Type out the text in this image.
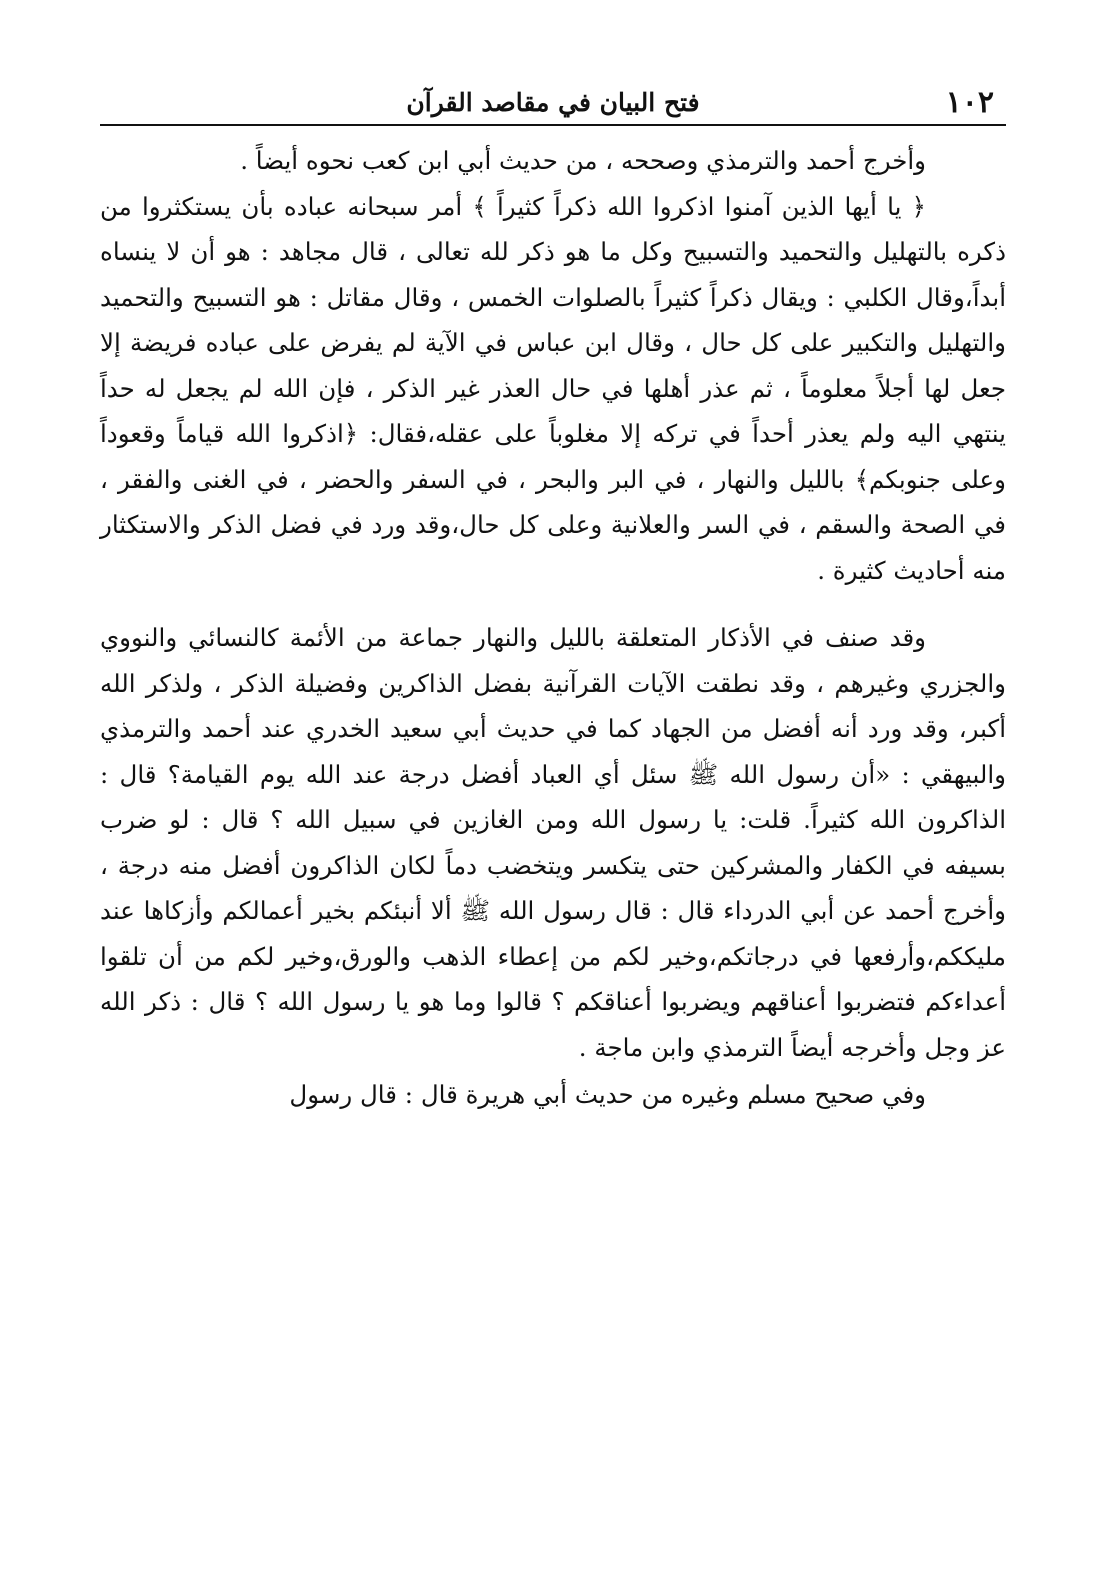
١٠٢
فتح البيان في مقاصد القرآن

وأخرج أحمد والترمذي وصححه ، من حديث أبي ابن كعب نحوه أيضاً .

﴿ يا أيها الذين آمنوا اذكروا الله ذكراً كثيراً ﴾ أمر سبحانه عباده بأن يستكثروا من ذكره بالتهليل والتحميد والتسبيح وكل ما هو ذكر لله تعالى ، قال مجاهد : هو أن لا ينساه أبداً،وقال الكلبي : ويقال ذكراً كثيراً بالصلوات الخمس ، وقال مقاتل : هو التسبيح والتحميد والتهليل والتكبير على كل حال ، وقال ابن عباس في الآية لم يفرض على عباده فريضة إلا جعل لها أجلاً معلوماً ، ثم عذر أهلها في حال العذر غير الذكر ، فإن الله لم يجعل له حداً ينتهي اليه ولم يعذر أحداً في تركه إلا مغلوباً على عقله،فقال: ﴿اذكروا الله قياماً وقعوداً وعلى جنوبكم﴾ بالليل والنهار ، في البر والبحر ، في السفر والحضر ، في الغنى والفقر ، في الصحة والسقم ، في السر والعلانية وعلى كل حال،وقد ورد في فضل الذكر والاستكثار منه أحاديث كثيرة .

وقد صنف في الأذكار المتعلقة بالليل والنهار جماعة من الأئمة كالنسائي والنووي والجزري وغيرهم ، وقد نطقت الآيات القرآنية بفضل الذاكرين وفضيلة الذكر ، ولذكر الله أكبر، وقد ورد أنه أفضل من الجهاد كما في حديث أبي سعيد الخدري عند أحمد والترمذي والبيهقي : «أن رسول الله ﷺ سئل أي العباد أفضل درجة عند الله يوم القيامة؟ قال : الذاكرون الله كثيراً. قلت: يا رسول الله ومن الغازين في سبيل الله ؟ قال : لو ضرب بسيفه في الكفار والمشركين حتى يتكسر ويتخضب دماً لكان الذاكرون أفضل منه درجة ، وأخرج أحمد عن أبي الدرداء قال : قال رسول الله ﷺ ألا أنبئكم بخير أعمالكم وأزكاها عند مليككم،وأرفعها في درجاتكم،وخير لكم من إعطاء الذهب والورق،وخير لكم من أن تلقوا أعداءكم فتضربوا أعناقهم ويضربوا أعناقكم ؟ قالوا وما هو يا رسول الله ؟ قال : ذكر الله عز وجل وأخرجه أيضاً الترمذي وابن ماجة .

وفي صحيح مسلم وغيره من حديث أبي هريرة قال : قال رسول
